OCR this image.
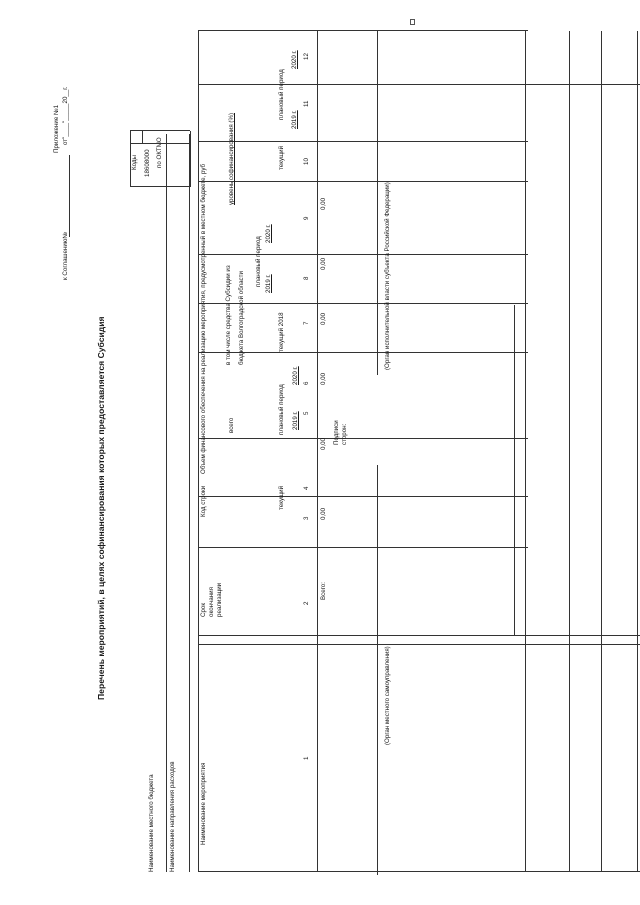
Приложение №1
к Соглашению№
от"____"_____20__г.
Перечень мероприятий, в целях софинансирования которых предоставляется Субсидия
Наименование местного бюджета Наименование направления расходов
по ОКТМО
Коды 18608000
Наименование мероприятия
Срок окончания реализации
Код строки
Объем финансового обеспечения на реализацию мероприятия, предусмотренный в местном бюджете, руб	всего
в том числе средства Субсидии из бюджета Волгоградской области
уровень софинансирования (%)
текущий
плановый период 2019 г.
2020 г.
текущий 2018
плановый период 2019 г.
2020 г.
текущий
плановый период 2019 г.
2020 г.
1
2
3
4
5
6
7
8
9
10
11
12
Всего:
0,00
0,00
0,00
0,00
0,00
0,00
Подписи сторон:
(Орган местного самоуправления)
(Орган исполнительной власти субъекта Российской Федерации)
